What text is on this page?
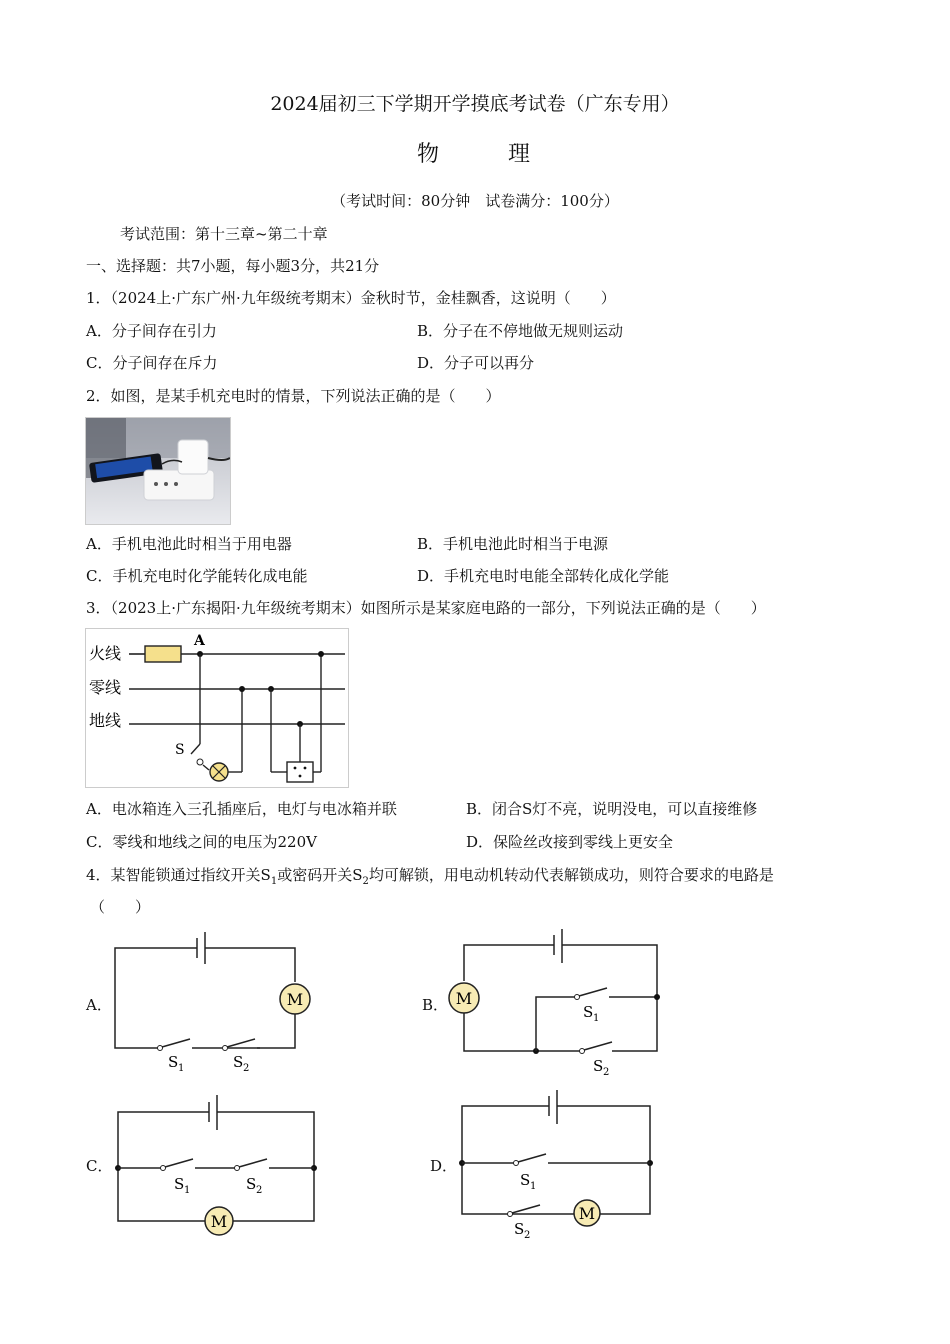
2024届初三下学期开学摸底考试卷（广东专用）
物	理
（考试时间：80分钟　试卷满分：100分）
考试范围：第十三章~第二十章
一、选择题：共7小题，每小题3分，共21分
1．（2024上·广东广州·九年级统考期末）金秋时节，金桂飘香，这说明（　　）
A．分子间存在引力	B．分子在不停地做无规则运动
C．分子间存在斥力	D．分子可以再分
2．如图，是某手机充电时的情景，下列说法正确的是（　　）
A．手机电池此时相当于用电器	B．手机电池此时相当于电源
C．手机充电时化学能转化成电能	D．手机充电时电能全部转化成化学能
3．（2023上·广东揭阳·九年级统考期末）如图所示是某家庭电路的一部分，下列说法正确的是（　　）
火线
零线
地线
A
S
A．电冰箱连入三孔插座后，电灯与电冰箱并联	B．闭合S灯不亮，说明没电，可以直接维修
C．零线和地线之间的电压为220V	D．保险丝改接到零线上更安全
4．某智能锁通过指纹开关$S_1$或密码开关$S_2$均可解锁，用电动机转动代表解锁成功，则符合要求的电路是
（　　）
A．	M
S 1	S 2
B． M
S 1
S 2
C．
M
S 1	S 2
D．
M
S 1
S 2
